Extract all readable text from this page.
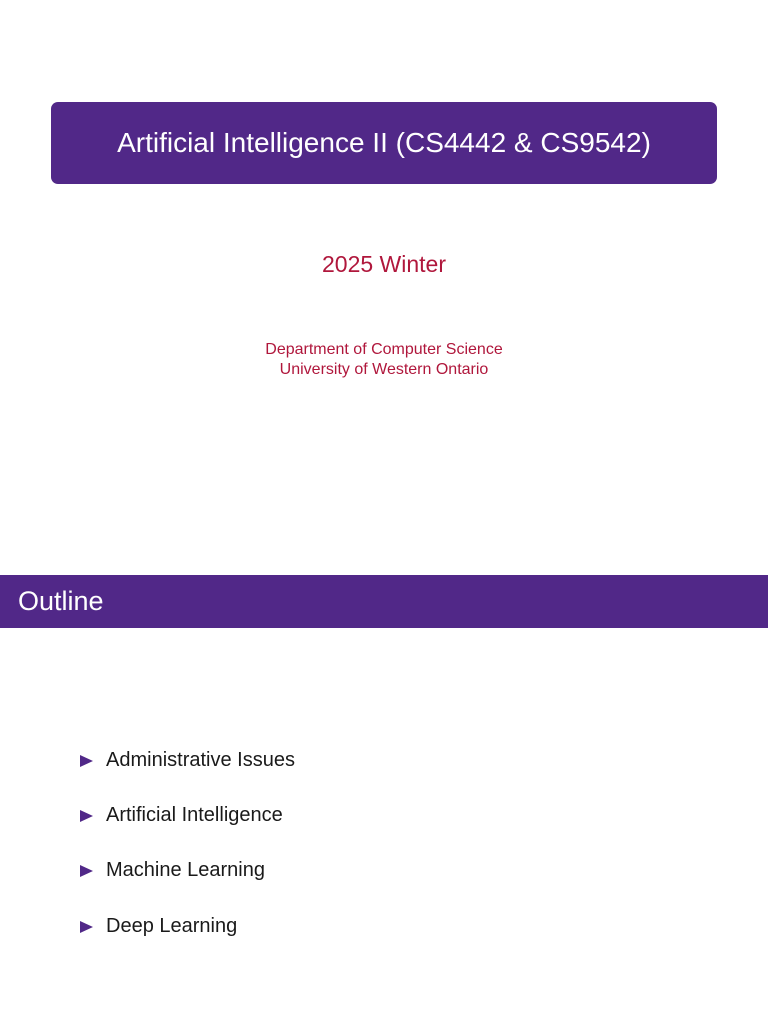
Artificial Intelligence II (CS4442 & CS9542)
2025 Winter
Department of Computer Science
University of Western Ontario
Outline
Administrative Issues
Artificial Intelligence
Machine Learning
Deep Learning
